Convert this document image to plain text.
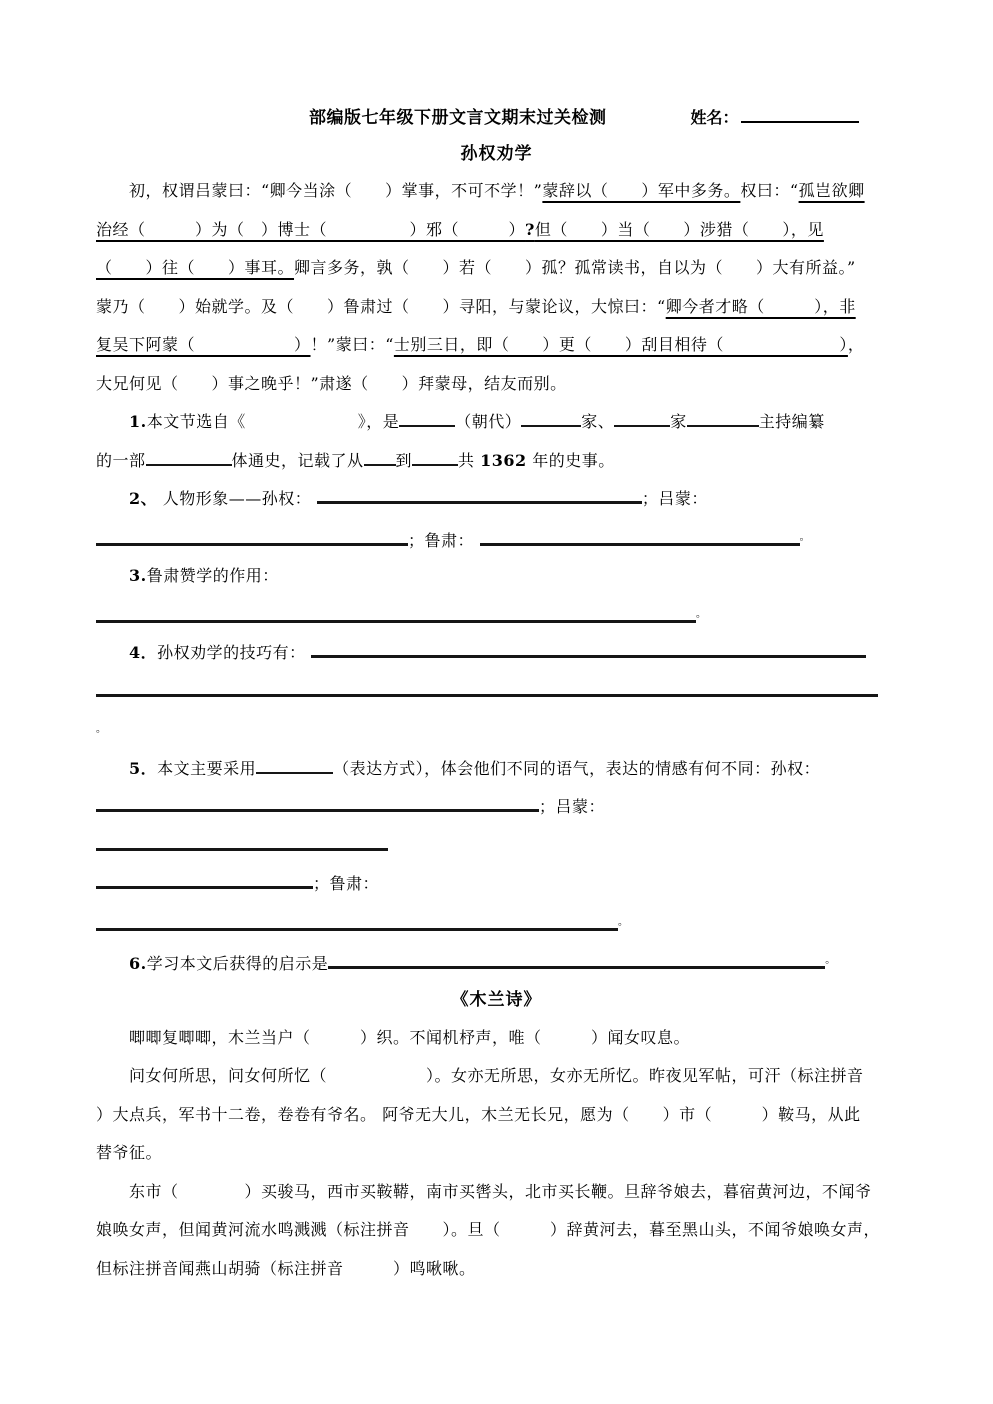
部编版七年级下册文言文期末过关检测	姓名：
孙权劝学
初，权谓吕蒙曰：“卿今当涂（　　）掌事，不可不学！”蒙辞以（　　）军中多务。权曰：“孤岂欲卿
治经（　　　）为（　）博士（　　　　　）邪（　　　）?但（　　）当（　　）涉猎（　　），见
（　　）往（　　）事耳。卿言多务，孰（　　）若（　　）孤？孤常读书，自以为（　　）大有所益。”
蒙乃（　　）始就学。及（　　）鲁肃过（　　）寻阳，与蒙论议，大惊曰：“卿今者才略（　　　），非
复吴下阿蒙（　　　　　　）！”蒙曰：“士别三日，即（　　）更（　　）刮目相待（　　　　　　　），
大兄何见（　　）事之晚乎！”肃遂（　　）拜蒙母，结友而别。
1.本文节选自《	》，是	（朝代）	家、	家	主持编纂
的一部	体通史，记载了从 到	共 1362 年的史事。
2、 人物形象——孙权：	；吕蒙：
；鲁肃：	。
3.鲁肃赞学的作用：
。
4．孙权劝学的技巧有：
。
5．本文主要采用	（表达方式），体会他们不同的语气，表达的情感有何不同：孙权：
；吕蒙：
；鲁肃：
。
6.学习本文后获得的启示是	。
《木兰诗》
唧唧复唧唧，木兰当户（　　　）织。不闻机杼声，唯（　　　）闻女叹息。
问女何所思，问女何所忆（　　　　　　）。女亦无所思，女亦无所忆。昨夜见军帖，可汗（标注拼音
）大点兵，军书十二卷，卷卷有爷名。 阿爷无大儿，木兰无长兄，愿为（　　）市（　　　）鞍马，从此
替爷征。
东市（　　　　）买骏马，西市买鞍鞯，南市买辔头，北市买长鞭。旦辞爷娘去，暮宿黄河边，不闻爷
娘唤女声，但闻黄河流水鸣溅溅（标注拼音　　）。旦（　　　）辞黄河去，暮至黑山头，不闻爷娘唤女声，
但标注拼音闻燕山胡骑（标注拼音　　　）鸣啾啾。
